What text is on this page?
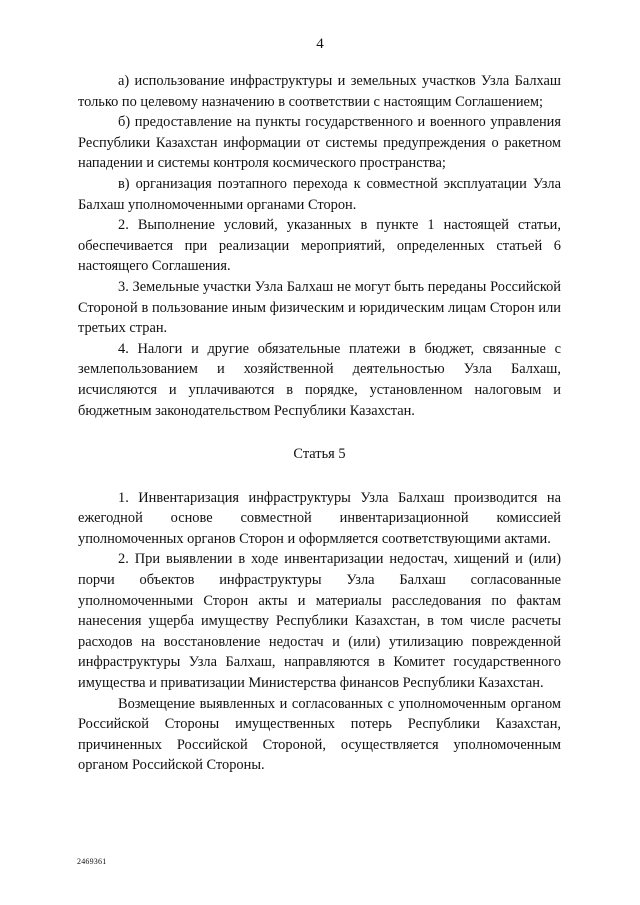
4

а) использование инфраструктуры и земельных участков Узла Балхаш только по целевому назначению в соответствии с настоящим Соглашением;

б) предоставление на пункты государственного и военного управления Республики Казахстан информации от системы предупреждения о ракетном нападении и системы контроля космического пространства;

в) организация поэтапного перехода к совместной эксплуатации Узла Балхаш уполномоченными органами Сторон.

2. Выполнение условий, указанных в пункте 1 настоящей статьи, обеспечивается при реализации мероприятий, определенных статьей 6 настоящего Соглашения.

3. Земельные участки Узла Балхаш не могут быть переданы Российской Стороной в пользование иным физическим и юридическим лицам Сторон или третьих стран.

4. Налоги и другие обязательные платежи в бюджет, связанные с землепользованием и хозяйственной деятельностью Узла Балхаш, исчисляются и уплачиваются в порядке, установленном налоговым и бюджетным законодательством Республики Казахстан.

Статья 5

1. Инвентаризация инфраструктуры Узла Балхаш производится на ежегодной основе совместной инвентаризационной комиссией уполномоченных органов Сторон и оформляется соответствующими актами.

2. При выявлении в ходе инвентаризации недостач, хищений и (или) порчи объектов инфраструктуры Узла Балхаш согласованные уполномоченными Сторон акты и материалы расследования по фактам нанесения ущерба имуществу Республики Казахстан, в том числе расчеты расходов на восстановление недостач и (или) утилизацию поврежденной инфраструктуры Узла Балхаш, направляются в Комитет государственного имущества и приватизации Министерства финансов Республики Казахстан.

Возмещение выявленных и согласованных с уполномоченным органом Российской Стороны имущественных потерь Республики Казахстан, причиненных Российской Стороной, осуществляется уполномоченным органом Российской Стороны.

2469361
